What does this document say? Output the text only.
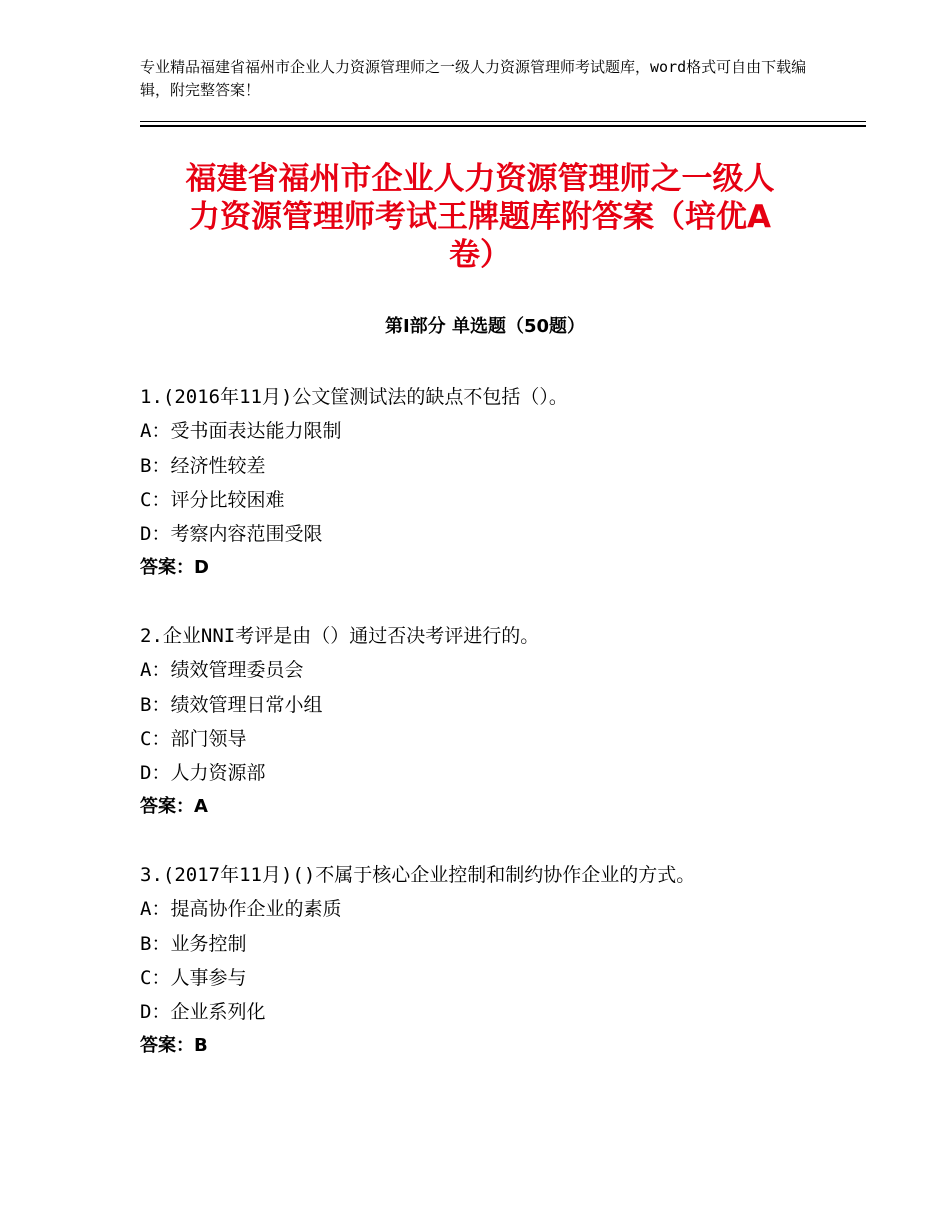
专业精品福建省福州市企业人力资源管理师之一级人力资源管理师考试题库，word格式可自由下载编辑，附完整答案！
福建省福州市企业人力资源管理师之一级人
力资源管理师考试王牌题库附答案（培优A
卷）
第Ⅰ部分 单选题（50题）
1.(2016年11月)公文筐测试法的缺点不包括（）。
A：受书面表达能力限制
B：经济性较差
C：评分比较困难
D：考察内容范围受限
答案：D
2.企业NNI考评是由（）通过否决考评进行的。
A：绩效管理委员会
B：绩效管理日常小组
C：部门领导
D：人力资源部
答案：A
3.(2017年11月)()不属于核心企业控制和制约协作企业的方式。
A：提高协作企业的素质
B：业务控制
C：人事参与
D：企业系列化
答案：B
